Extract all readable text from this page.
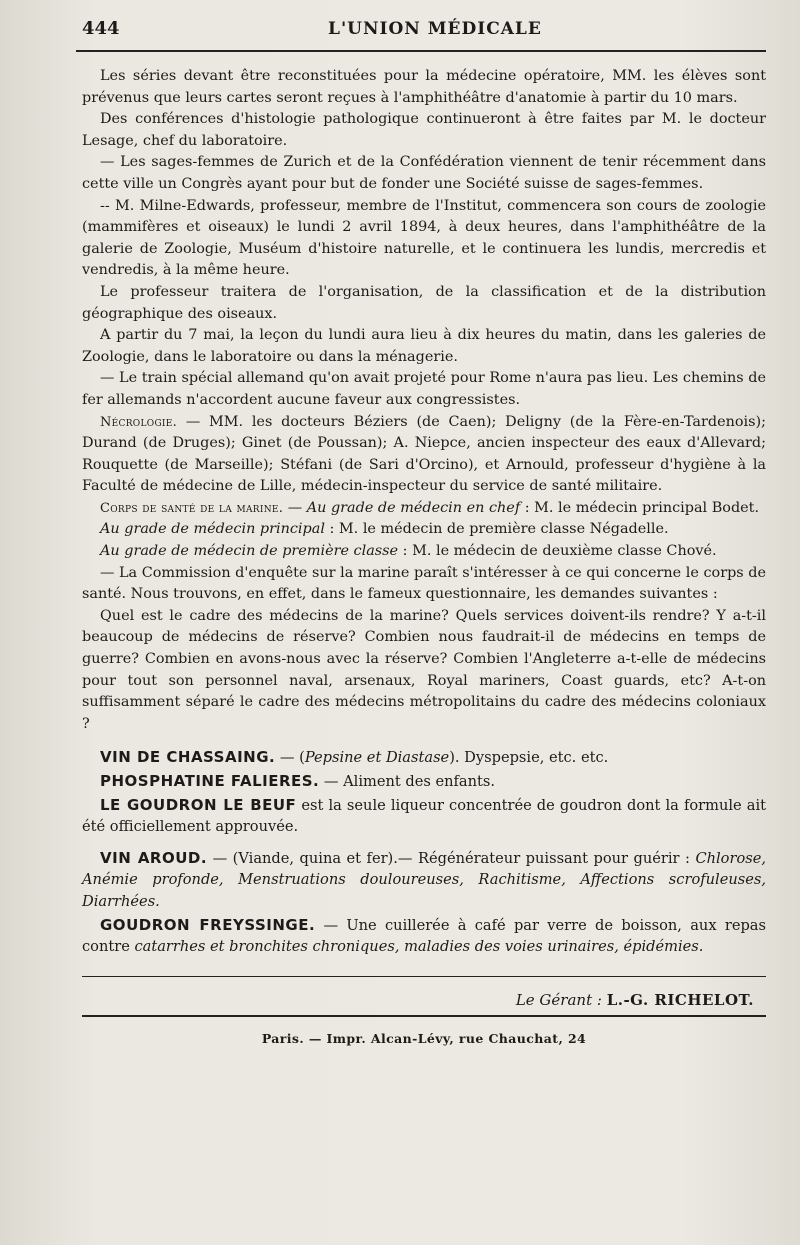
444	L'UNION MÉDICALE

Les séries devant être reconstituées pour la médecine opératoire, MM. les élèves sont prévenus que leurs cartes seront reçues à l'amphithéâtre d'anatomie à partir du 10 mars.

Des conférences d'histologie pathologique continueront à être faites par M. le docteur Lesage, chef du laboratoire.

— Les sages-femmes de Zurich et de la Confédération viennent de tenir récemment dans cette ville un Congrès ayant pour but de fonder une Société suisse de sages-femmes.

-- M. Milne-Edwards, professeur, membre de l'Institut, commencera son cours de zoologie (mammifères et oiseaux) le lundi 2 avril 1894, à deux heures, dans l'amphithéâtre de la galerie de Zoologie, Muséum d'histoire naturelle, et le continuera les lundis, mercredis et vendredis, à la même heure.

Le professeur traitera de l'organisation, de la classification et de la distribution géographique des oiseaux.

A partir du 7 mai, la leçon du lundi aura lieu à dix heures du matin, dans les galeries de Zoologie, dans le laboratoire ou dans la ménagerie.

— Le train spécial allemand qu'on avait projeté pour Rome n'aura pas lieu. Les chemins de fer allemands n'accordent aucune faveur aux congressistes.

Nécrologie. — MM. les docteurs Béziers (de Caen); Deligny (de la Fère-en-Tardenois); Durand (de Druges); Ginet (de Poussan); A. Niepce, ancien inspecteur des eaux d'Allevard; Rouquette (de Marseille); Stéfani (de Sari d'Orcino), et Arnould, professeur d'hygiène à la Faculté de médecine de Lille, médecin-inspecteur du service de santé militaire.

Corps de santé de la marine. — Au grade de médecin en chef : M. le médecin principal Bodet.

Au grade de médecin principal : M. le médecin de première classe Négadelle.

Au grade de médecin de première classe : M. le médecin de deuxième classe Chové.

— La Commission d'enquête sur la marine paraît s'intéresser à ce qui concerne le corps de santé. Nous trouvons, en effet, dans le fameux questionnaire, les demandes suivantes :

Quel est le cadre des médecins de la marine? Quels services doivent-ils rendre? Y a-t-il beaucoup de médecins de réserve? Combien nous faudrait-il de médecins en temps de guerre? Combien en avons-nous avec la réserve? Combien l'Angleterre a-t-elle de médecins pour tout son personnel naval, arsenaux, Royal mariners, Coast guards, etc? A-t-on suffisamment séparé le cadre des médecins métropolitains du cadre des médecins coloniaux ?

VIN DE CHASSAING. — (Pepsine et Diastase). Dyspepsie, etc. etc.

PHOSPHATINE FALIERES. — Aliment des enfants.

LE GOUDRON LE BEUF est la seule liqueur concentrée de goudron dont la formule ait été officiellement approuvée.

VIN AROUD. — (Viande, quina et fer).— Régénérateur puissant pour guérir : Chlorose, Anémie profonde, Menstruations douloureuses, Rachitisme, Affections scrofuleuses, Diarrhées.

GOUDRON FREYSSINGE. — Une cuillerée à café par verre de boisson, aux repas contre catarrhes et bronchites chroniques, maladies des voies urinaires, épidémies.

Le Gérant : L.-G. RICHELOT.
Paris. — Impr. Alcan-Lévy, rue Chauchat, 24
